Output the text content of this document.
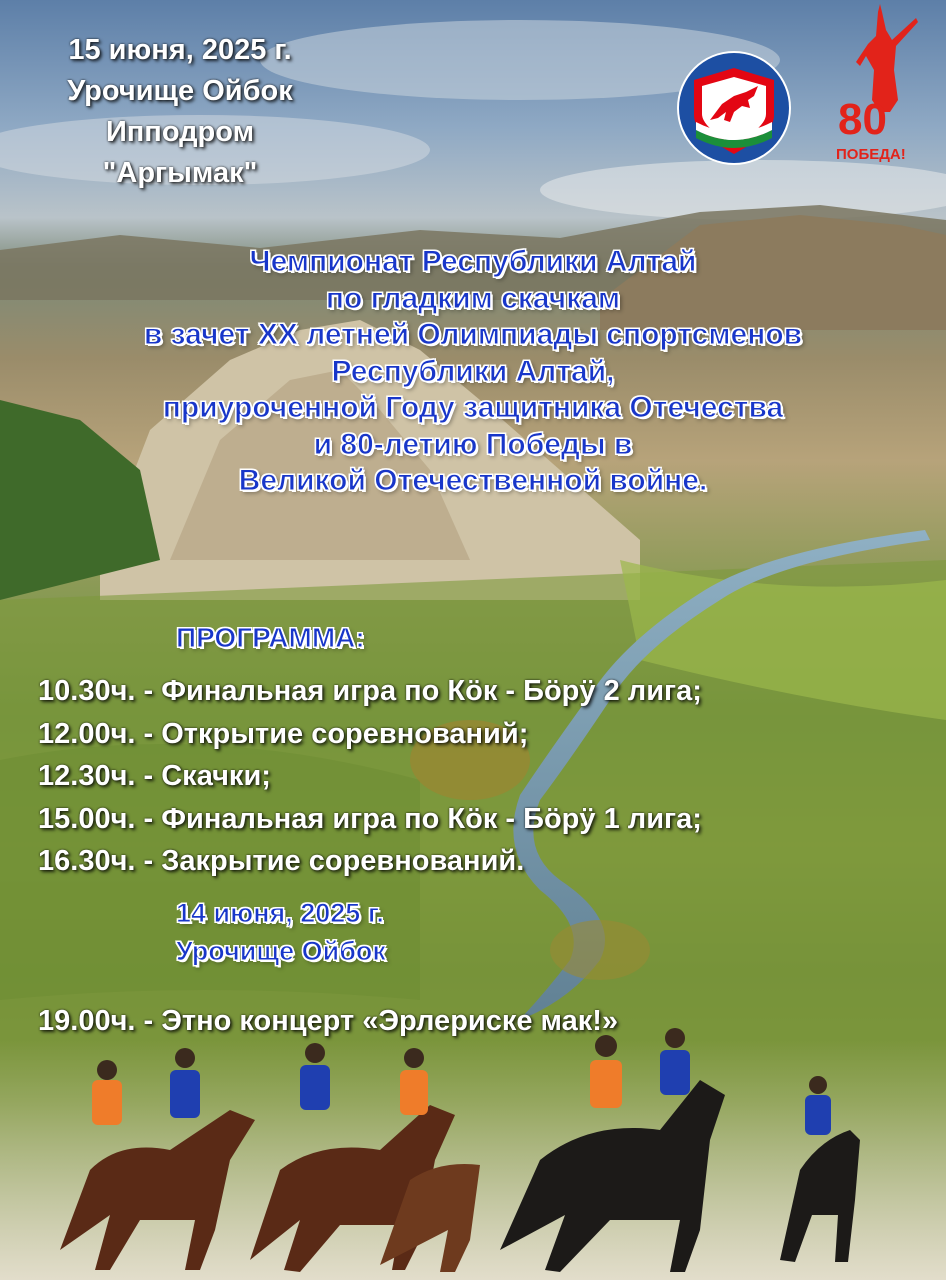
15 июня, 2025 г.
Урочище Ойбок
Ипподром
"Аргымак"
80
ПОБЕДА!
Чемпионат Республики Алтай
по гладким скачкам
в зачет XX летней Олимпиады спортсменов
Республики Алтай,
приуроченной Году защитника Отечества
и 80-летию Победы в
Великой Отечественной войне.
ПРОГРАММА:
10.30ч. - Финальная игра по Кӧк - Бӧрӱ 2 лига;
12.00ч. - Открытие соревнований;
12.30ч. - Скачки;
15.00ч. - Финальная игра по Кӧк - Бӧрӱ 1 лига;
16.30ч. - Закрытие соревнований.
14 июня, 2025 г.
Урочище Ойбок
19.00ч. - Этно концерт «Эрлериске мак!»
